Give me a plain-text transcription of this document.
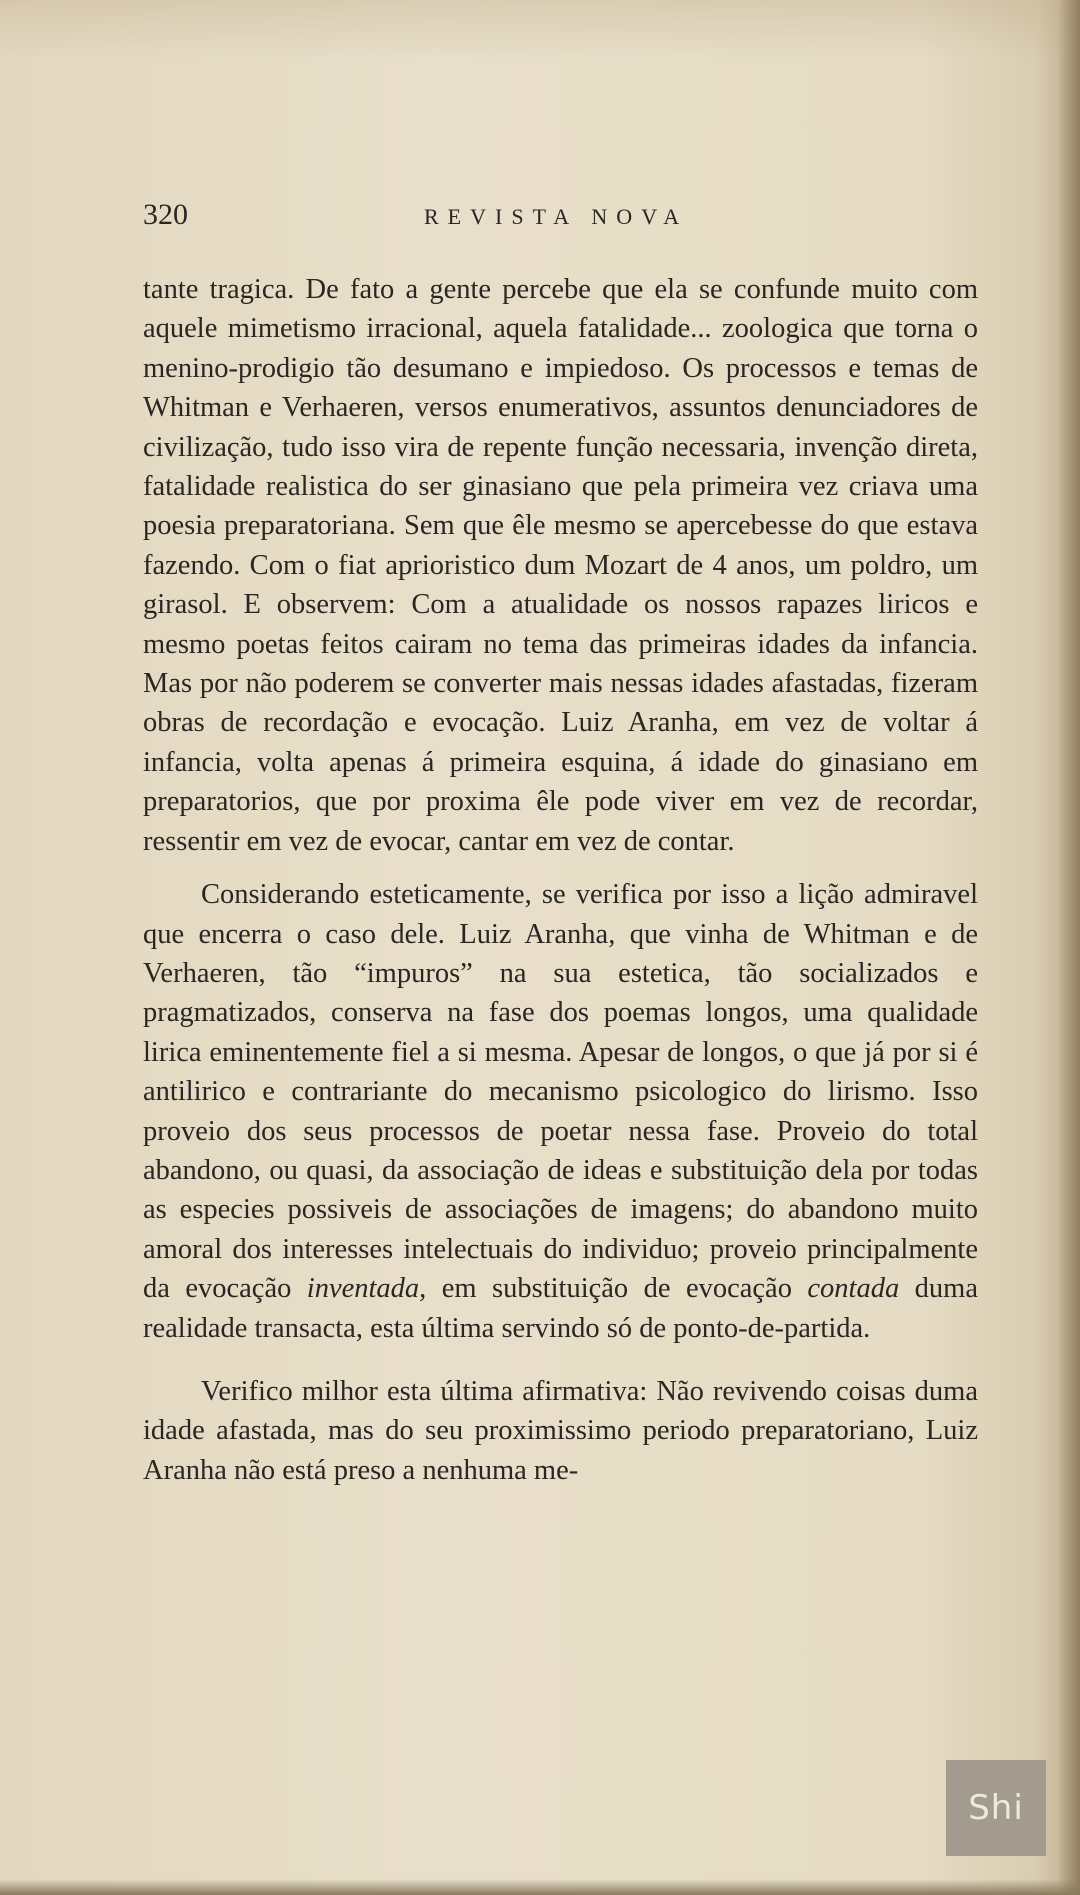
320	REVISTA NOVA

tante tragica. De fato a gente percebe que ela se confunde muito com aquele mimetismo irracional, aquela fatalidade... zoologica que torna o menino-prodigio tão desumano e impiedoso. Os processos e temas de Whitman e Verhaeren, versos enumerativos, assuntos denunciadores de civilização, tudo isso vira de repente função necessaria, invenção direta, fatalidade realistica do ser ginasiano que pela primeira vez criava uma poesia preparatoriana. Sem que êle mesmo se apercebesse do que estava fazendo. Com o fiat aprioristico dum Mozart de 4 anos, um poldro, um girasol. E observem: Com a atualidade os nossos rapazes liricos e mesmo poetas feitos cairam no tema das primeiras idades da infancia. Mas por não poderem se converter mais nessas idades afastadas, fizeram obras de recordação e evocação. Luiz Aranha, em vez de voltar á infancia, volta apenas á primeira esquina, á idade do ginasiano em preparatorios, que por proxima êle pode viver em vez de recordar, ressentir em vez de evocar, cantar em vez de contar.

Considerando esteticamente, se verifica por isso a lição admiravel que encerra o caso dele. Luiz Aranha, que vinha de Whitman e de Verhaeren, tão “impuros” na sua estetica, tão socializados e pragmatizados, conserva na fase dos poemas longos, uma qualidade lirica eminentemente fiel a si mesma. Apesar de longos, o que já por si é antilirico e contrariante do mecanismo psicologico do lirismo. Isso proveio dos seus processos de poetar nessa fase. Proveio do total abandono, ou quasi, da associação de ideas e substituição dela por todas as especies possiveis de associações de imagens; do abandono muito amoral dos interesses intelectuais do individuo; proveio principalmente da evocação inventada, em substituição de evocação contada duma realidade transacta, esta última servindo só de ponto-de-partida.

Verifico milhor esta última afirmativa: Não revivendo coisas duma idade afastada, mas do seu proximissimo periodo preparatoriano, Luiz Aranha não está preso a nenhuma me-

S hi
